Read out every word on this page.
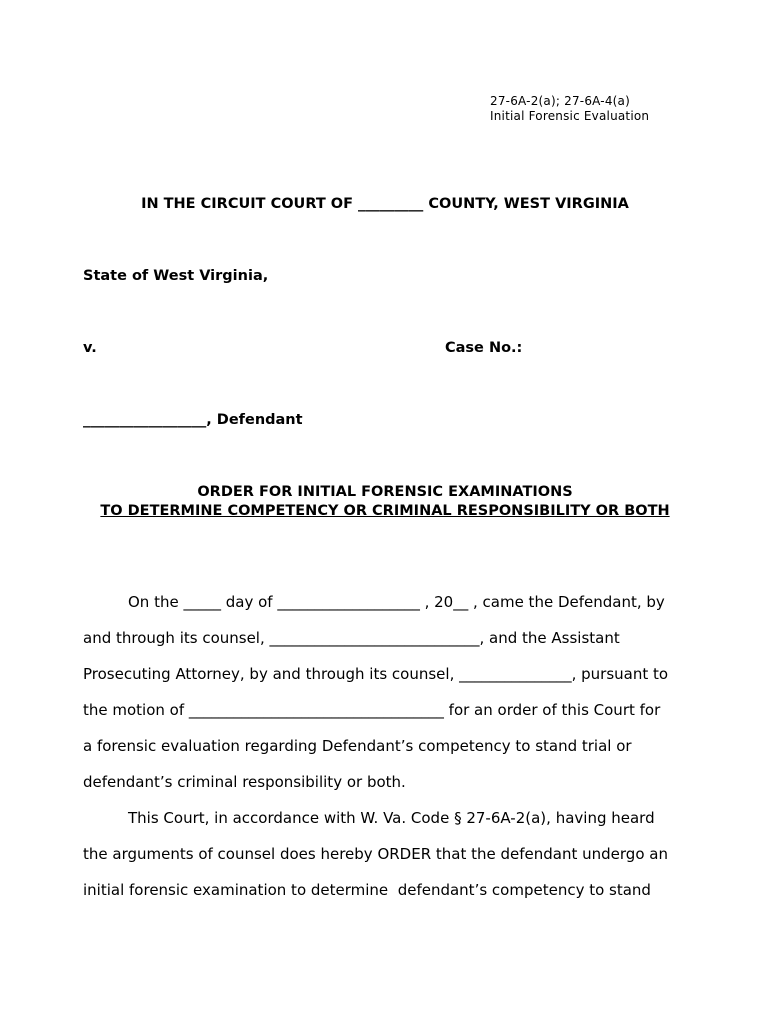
27-6A-2(a); 27-6A-4(a)
Initial Forensic Evaluation
IN THE CIRCUIT COURT OF _________ COUNTY, WEST VIRGINIA
State of West Virginia,
v.	Case No.:
_________________, Defendant
ORDER FOR INITIAL FORENSIC EXAMINATIONS
TO DETERMINE COMPETENCY OR CRIMINAL RESPONSIBILITY OR BOTH
On the _____ day of ___________________ , 20__ , came the Defendant, by
and through its counsel, ____________________________, and the Assistant
Prosecuting Attorney, by and through its counsel, _______________, pursuant to
the motion of __________________________________ for an order of this Court for
a forensic evaluation regarding Defendant’s competency to stand trial or
defendant’s criminal responsibility or both.
This Court, in accordance with W. Va. Code § 27-6A-2(a), having heard
the arguments of counsel does hereby ORDER that the defendant undergo an
initial forensic examination to determine  defendant’s competency to stand
